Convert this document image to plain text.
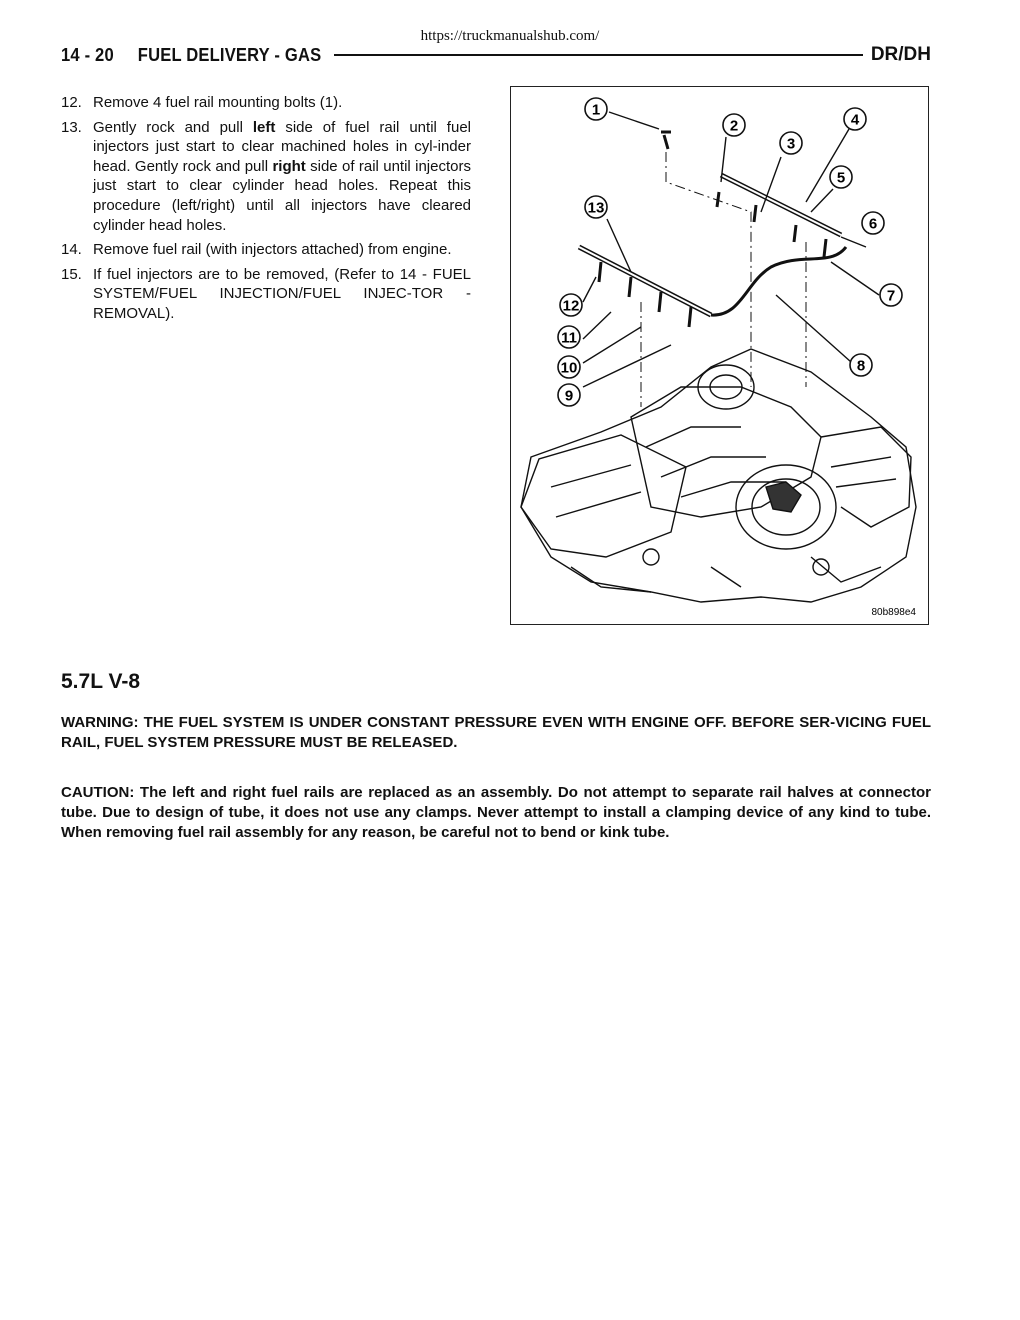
https://truckmanualshub.com/
14 - 20 FUEL DELIVERY - GAS	DR/DH
12. Remove 4 fuel rail mounting bolts (1).
13. Gently rock and pull left side of fuel rail until fuel injectors just start to clear machined holes in cyl-inder head. Gently rock and pull right side of rail until injectors just start to clear cylinder head holes. Repeat this procedure (left/right) until all injectors have cleared cylinder head holes.
14. Remove fuel rail (with injectors attached) from engine.
15. If fuel injectors are to be removed, (Refer to 14 - FUEL SYSTEM/FUEL INJECTION/FUEL INJEC-TOR - REMOVAL).
1
2
3
4
5
6
7
8
9
10
11
12
13
80b898e4
5.7L V-8

WARNING: THE FUEL SYSTEM IS UNDER CONSTANT PRESSURE EVEN WITH ENGINE OFF. BEFORE SER-VICING FUEL RAIL, FUEL SYSTEM PRESSURE MUST BE RELEASED.

CAUTION: The left and right fuel rails are replaced as an assembly. Do not attempt to separate rail halves at connector tube. Due to design of tube, it does not use any clamps. Never attempt to install a clamping device of any kind to tube. When removing fuel rail assembly for any reason, be careful not to bend or kink tube.
